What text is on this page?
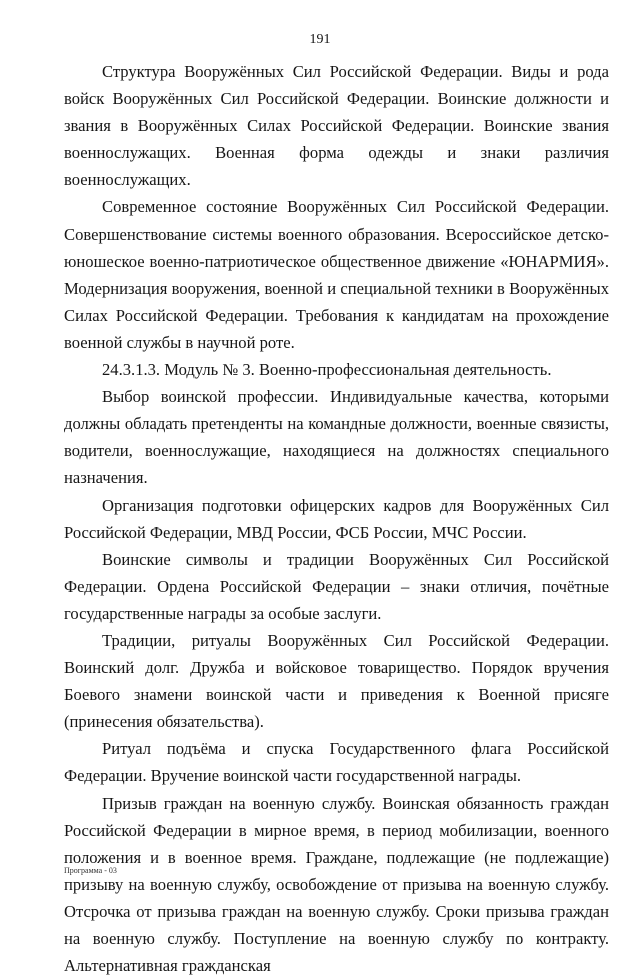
191

Структура Вооружённых Сил Российской Федерации. Виды и рода войск Вооружённых Сил Российской Федерации. Воинские должности и звания в Вооружённых Силах Российской Федерации. Воинские звания военнослужащих. Военная форма одежды и знаки различия военнослужащих.

Современное состояние Вооружённых Сил Российской Федерации. Совершенствование системы военного образования. Всероссийское детско-юношеское военно-патриотическое общественное движение «ЮНАРМИЯ». Модернизация вооружения, военной и специальной техники в Вооружённых Силах Российской Федерации. Требования к кандидатам на прохождение военной службы в научной роте.

24.3.1.3. Модуль № 3. Военно-профессиональная деятельность.

Выбор воинской профессии. Индивидуальные качества, которыми должны обладать претенденты на командные должности, военные связисты, водители, военнослужащие, находящиеся на должностях специального назначения.

Организация подготовки офицерских кадров для Вооружённых Сил Российской Федерации, МВД России, ФСБ России, МЧС России.

Воинские символы и традиции Вооружённых Сил Российской Федерации. Ордена Российской Федерации – знаки отличия, почётные государственные награды за особые заслуги.

Традиции, ритуалы Вооружённых Сил Российской Федерации. Воинский долг. Дружба и войсковое товарищество. Порядок вручения Боевого знамени воинской части и приведения к Военной присяге (принесения обязательства).

Ритуал подъёма и спуска Государственного флага Российской Федерации. Вручение воинской части государственной награды.

Призыв граждан на военную службу. Воинская обязанность граждан Российской Федерации в мирное время, в период мобилизации, военного положения и в военное время. Граждане, подлежащие (не подлежащие) призыву на военную службу, освобождение от призыва на военную службу. Отсрочка от призыва граждан на военную службу. Сроки призыва граждан на военную службу. Поступление на военную службу по контракту. Альтернативная гражданская

Программа - 03
